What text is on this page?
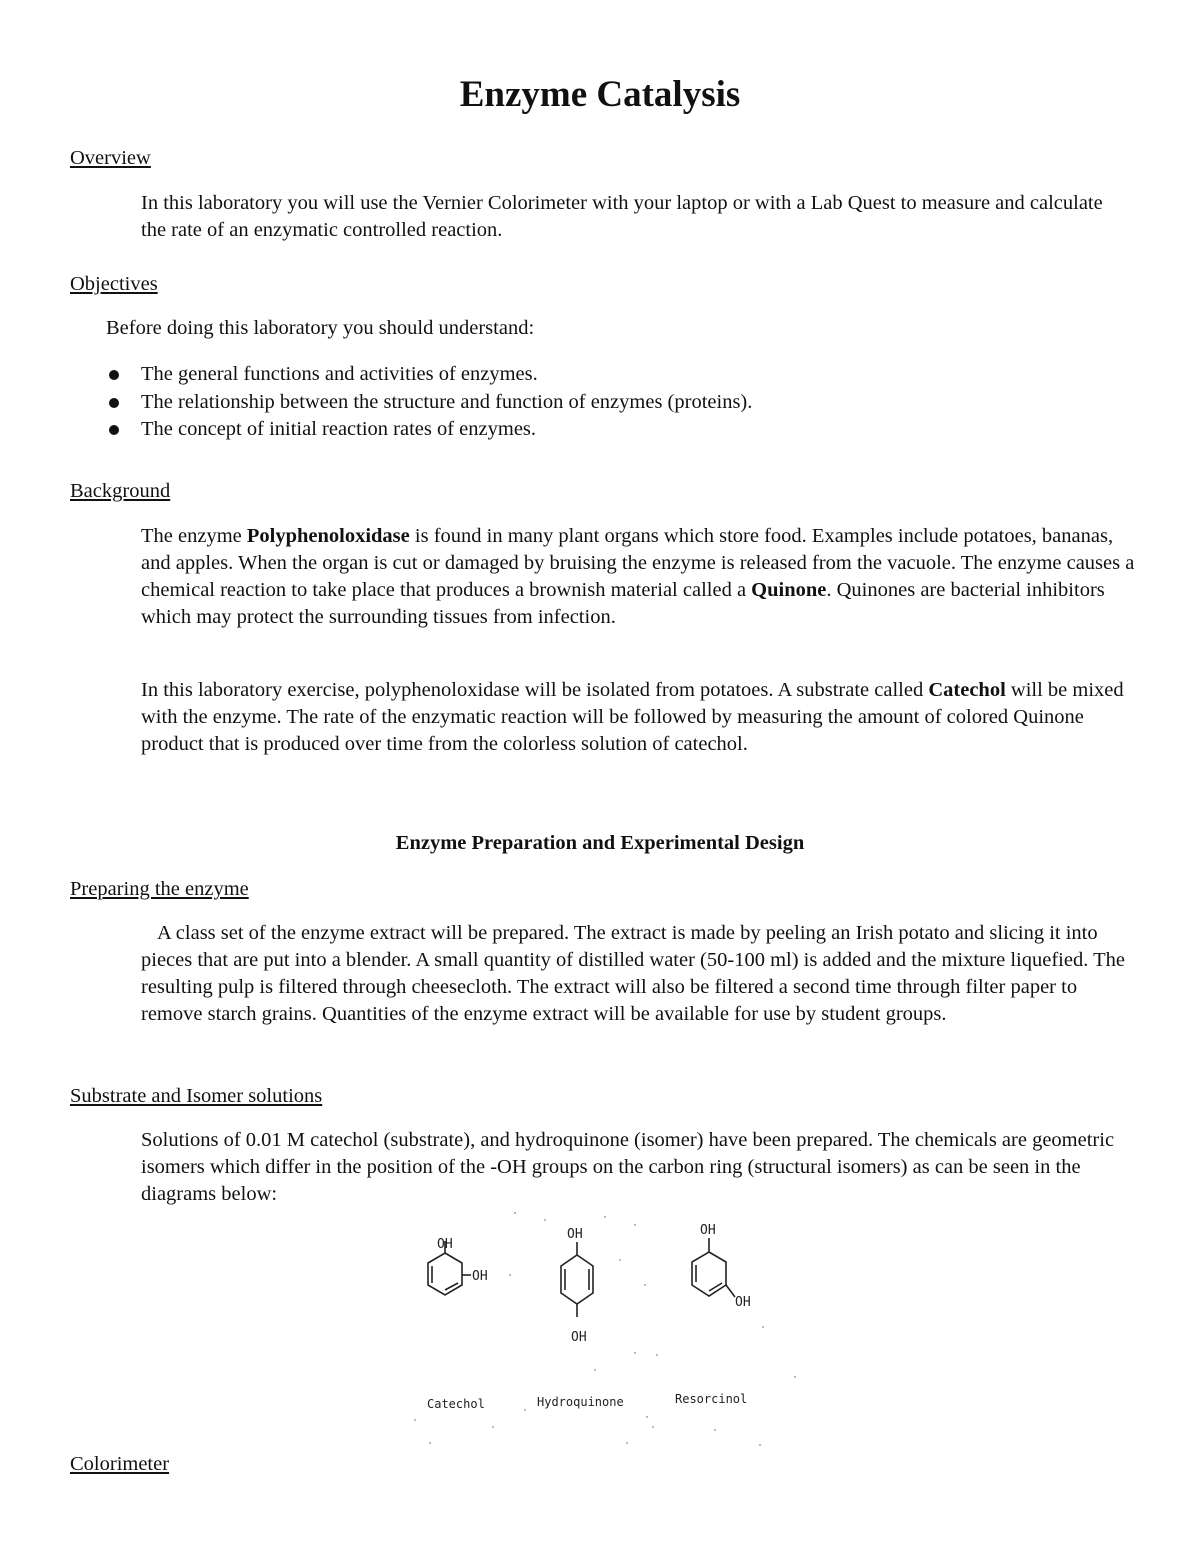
Enzyme Catalysis
Overview
In this laboratory you will use the Vernier Colorimeter with your laptop or with a Lab Quest to measure and calculate the rate of an enzymatic controlled reaction.
Objectives
Before doing this laboratory you should understand:
The general functions and activities of enzymes.
The relationship between the structure and function of enzymes (proteins).
The concept of initial reaction rates of enzymes.
Background

The enzyme Polyphenoloxidase is found in many plant organs which store food. Examples include potatoes, bananas, and apples. When the organ is cut or damaged by bruising the enzyme is released from the vacuole. The enzyme causes a chemical reaction to take place that produces a brownish material called a Quinone. Quinones are bacterial inhibitors which may protect the surrounding tissues from infection.

In this laboratory exercise, polyphenoloxidase will be isolated from potatoes. A substrate called Catechol will be mixed with the enzyme. The rate of the enzymatic reaction will be followed by measuring the amount of colored Quinone product that is produced over time from the colorless solution of catechol.

Enzyme Preparation and Experimental Design
Preparing the enzyme
A class set of the enzyme extract will be prepared. The extract is made by peeling an Irish potato and slicing it into pieces that are put into a blender. A small quantity of distilled water (50-100 ml) is added and the mixture liquefied. The resulting pulp is filtered through cheesecloth. The extract will also be filtered a second time through filter paper to remove starch grains. Quantities of the enzyme extract will be available for use by student groups.
Substrate and Isomer solutions
Solutions of 0.01 M catechol (substrate), and hydroquinone (isomer) have been prepared. The chemicals are geometric isomers which differ in the position of the -OH groups on the carbon ring (structural isomers) as can be seen in the diagrams below:
OH
OH
OH
OH
OH
OH
Catechol	Hydroquinone	Resorcinol
Colorimeter
